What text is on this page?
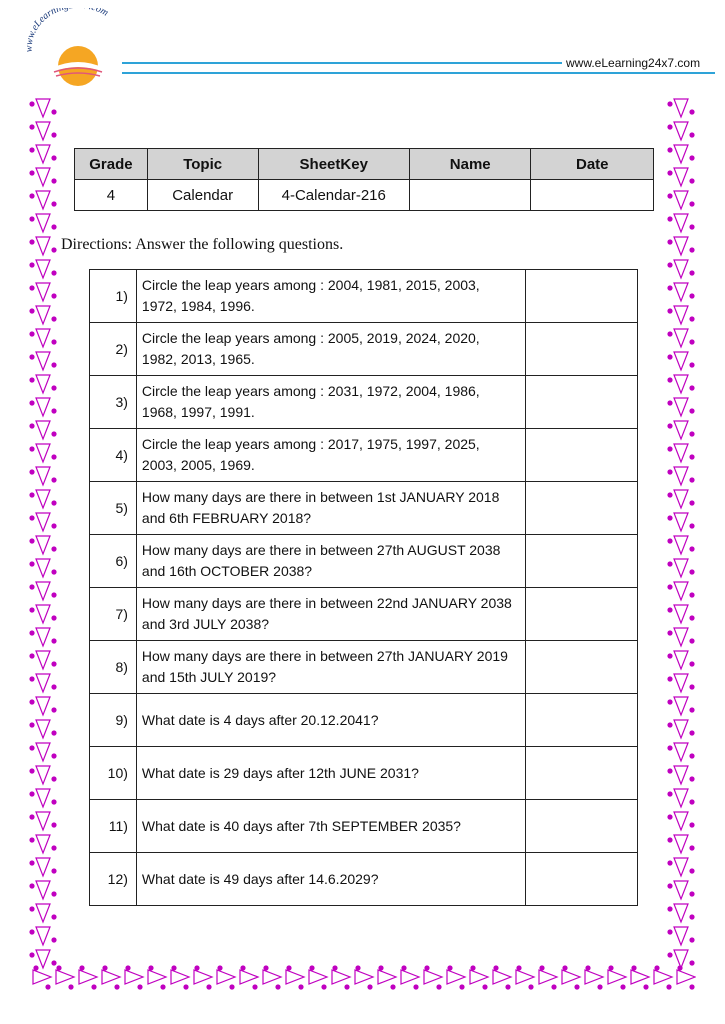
www.eLearni om
www.eLearning24x7.com
Grade	Topic	SheetKey	Name	Date
4	Calendar	4-Calendar-216		
Directions: Answer the following questions.
1)	Circle the leap years among : 2004, 1981, 2015, 2003, 1972, 1984, 1996.	
2)	Circle the leap years among : 2005, 2019, 2024, 2020, 1982, 2013, 1965.	
3)	Circle the leap years among : 2031, 1972, 2004, 1986, 1968, 1997, 1991.	
4)	Circle the leap years among : 2017, 1975, 1997, 2025, 2003, 2005, 1969.	
5)	How many days are there in between 1st JANUARY 2018 and 6th FEBRUARY 2018?	
6)	How many days are there in between 27th AUGUST 2038 and 16th OCTOBER 2038?	
7)	How many days are there in between 22nd JANUARY 2038 and 3rd JULY 2038?	
8)	How many days are there in between 27th JANUARY 2019 and 15th JULY 2019?	
9)	What date is 4 days after 20.12.2041?	
10)	What date is 29 days after 12th JUNE 2031?	
11)	What date is 40 days after 7th SEPTEMBER 2035?	
12)	What date is 49 days after 14.6.2029?	
